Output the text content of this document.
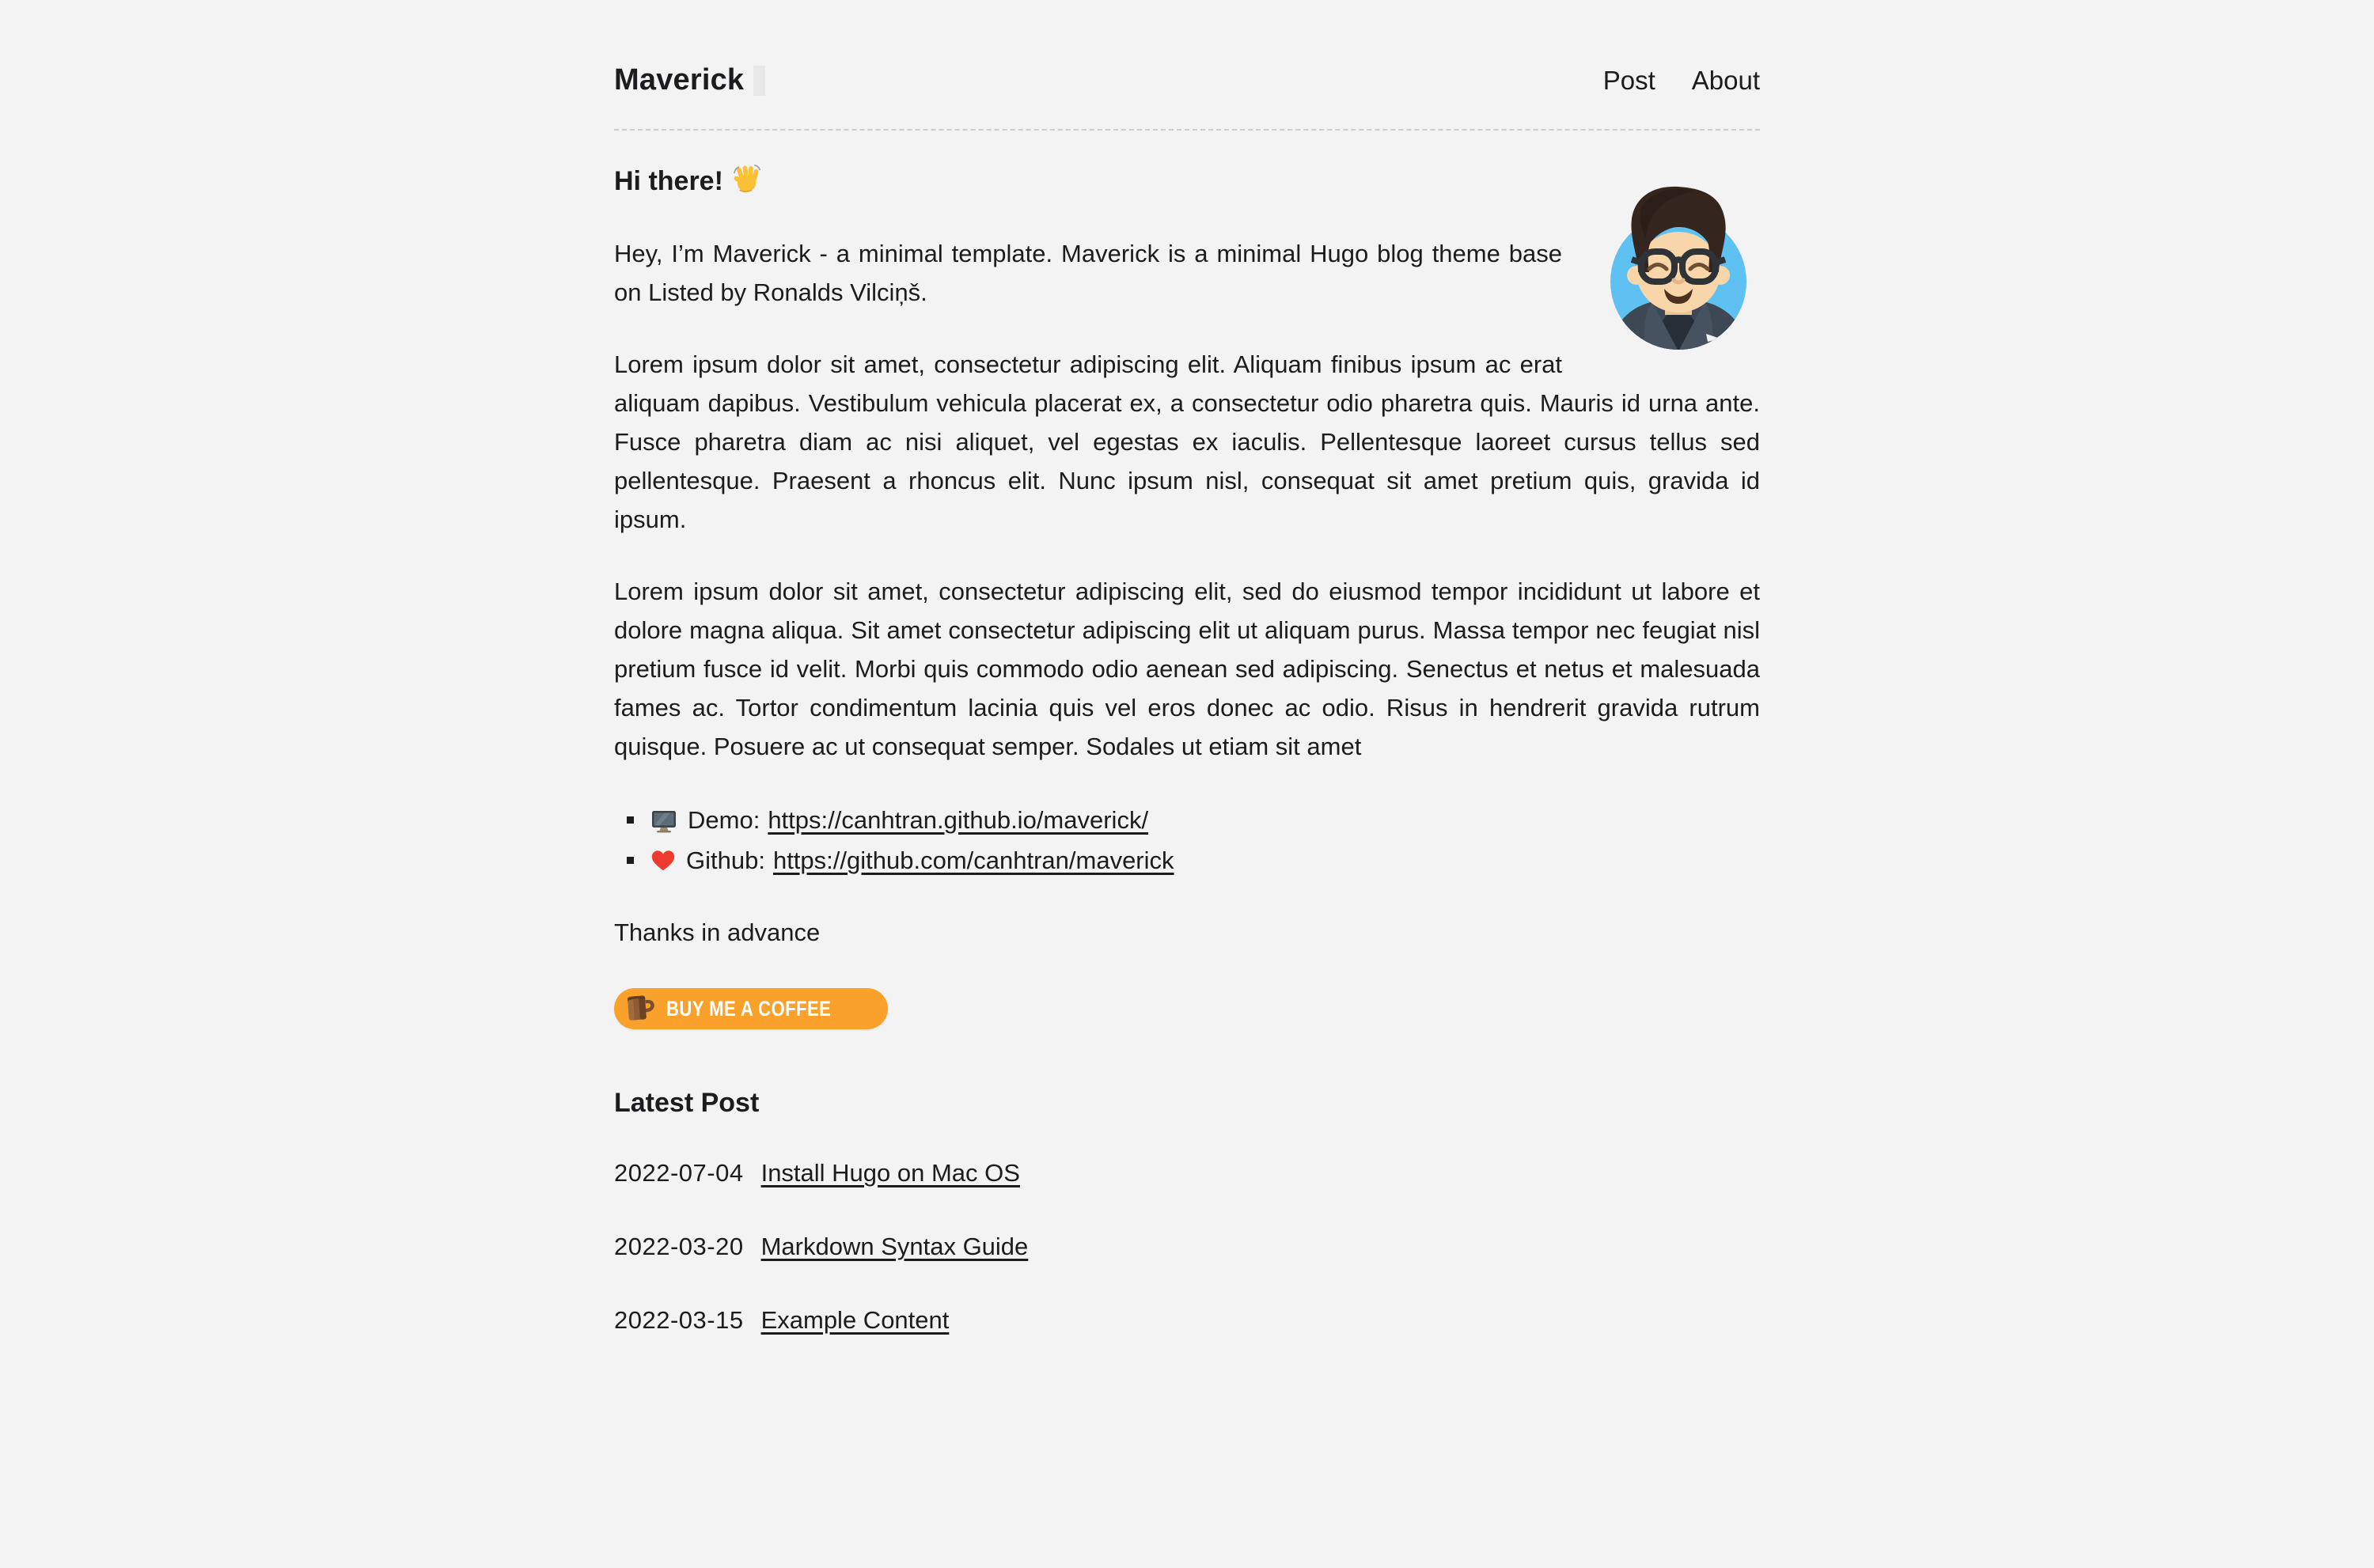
Maverick	Post About
Hi there!

Hey, I’m Maverick - a minimal template. Maverick is a minimal Hugo blog theme base on Listed by Ronalds Vilciņš.

Lorem ipsum dolor sit amet, consectetur adipiscing elit. Aliquam finibus ipsum ac erat aliquam dapibus. Vestibulum vehicula placerat ex, a consectetur odio pharetra quis. Mauris id urna ante. Fusce pharetra diam ac nisi aliquet, vel egestas ex iaculis. Pellentesque laoreet cursus tellus sed pellentesque. Praesent a rhoncus elit. Nunc ipsum nisl, consequat sit amet pretium quis, gravida id ipsum.

Lorem ipsum dolor sit amet, consectetur adipiscing elit, sed do eiusmod tempor incididunt ut labore et dolore magna aliqua. Sit amet consectetur adipiscing elit ut aliquam purus. Massa tempor nec feugiat nisl pretium fusce id velit. Morbi quis commodo odio aenean sed adipiscing. Senectus et netus et malesuada fames ac. Tortor condimentum lacinia quis vel eros donec ac odio. Risus in hendrerit gravida rutrum quisque. Posuere ac ut consequat semper. Sodales ut etiam sit amet

Demo: https://canhtran.github.io/maverick/
Github: https://github.com/canhtran/maverick

Thanks in advance

BUY ME A COFFEE
Latest Post

2022-07-04 Install Hugo on Mac OS

2022-03-20 Markdown Syntax Guide

2022-03-15 Example Content
